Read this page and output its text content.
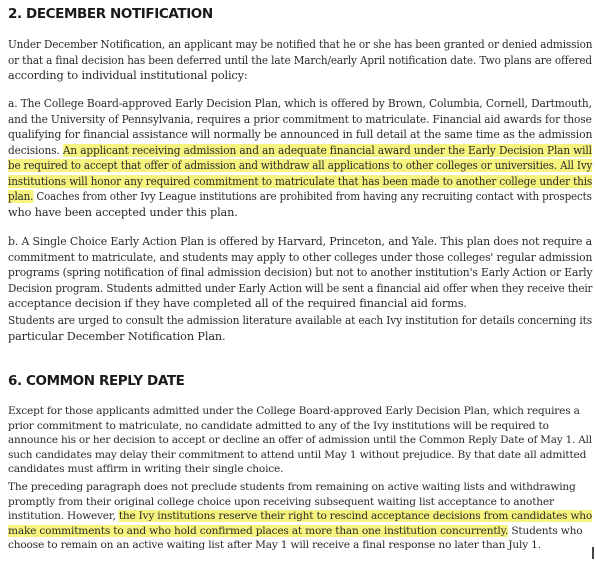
2. DECEMBER NOTIFICATION
Under December Notification, an applicant may be notified that he or she has been granted or denied admission
or that a final decision has been deferred until the late March/early April notification date. Two plans are offered
according to individual institutional policy:
a. The College Board-approved Early Decision Plan, which is offered by Brown, Columbia, Cornell, Dartmouth,
and the University of Pennsylvania, requires a prior commitment to matriculate. Financial aid awards for those
qualifying for financial assistance will normally be announced in full detail at the same time as the admission
decisions. An applicant receiving admission and an adequate financial award under the Early Decision Plan will
be required to accept that offer of admission and withdraw all applications to other colleges or universities. All Ivy
institutions will honor any required commitment to matriculate that has been made to another college under this
plan. Coaches from other Ivy League institutions are prohibited from having any recruiting contact with prospects
who have been accepted under this plan.
b. A Single Choice Early Action Plan is offered by Harvard, Princeton, and Yale. This plan does not require a
commitment to matriculate, and students may apply to other colleges under those colleges' regular admission
programs (spring notification of final admission decision) but not to another institution's Early Action or Early
Decision program. Students admitted under Early Action will be sent a financial aid offer when they receive their
acceptance decision if they have completed all of the required financial aid forms.
Students are urged to consult the admission literature available at each Ivy institution for details concerning its
particular December Notification Plan.
6. COMMON REPLY DATE
Except for those applicants admitted under the College Board-approved Early Decision Plan, which requires a
prior commitment to matriculate, no candidate admitted to any of the Ivy institutions will be required to
announce his or her decision to accept or decline an offer of admission until the Common Reply Date of May 1. All
such candidates may delay their commitment to attend until May 1 without prejudice. By that date all admitted
candidates must affirm in writing their single choice.
The preceding paragraph does not preclude students from remaining on active waiting lists and withdrawing
promptly from their original college choice upon receiving subsequent waiting list acceptance to another
institution. However, the Ivy institutions reserve their right to rescind acceptance decisions from candidates who
make commitments to and who hold confirmed places at more than one institution concurrently. Students who
choose to remain on an active waiting list after May 1 will receive a final response no later than July 1.
